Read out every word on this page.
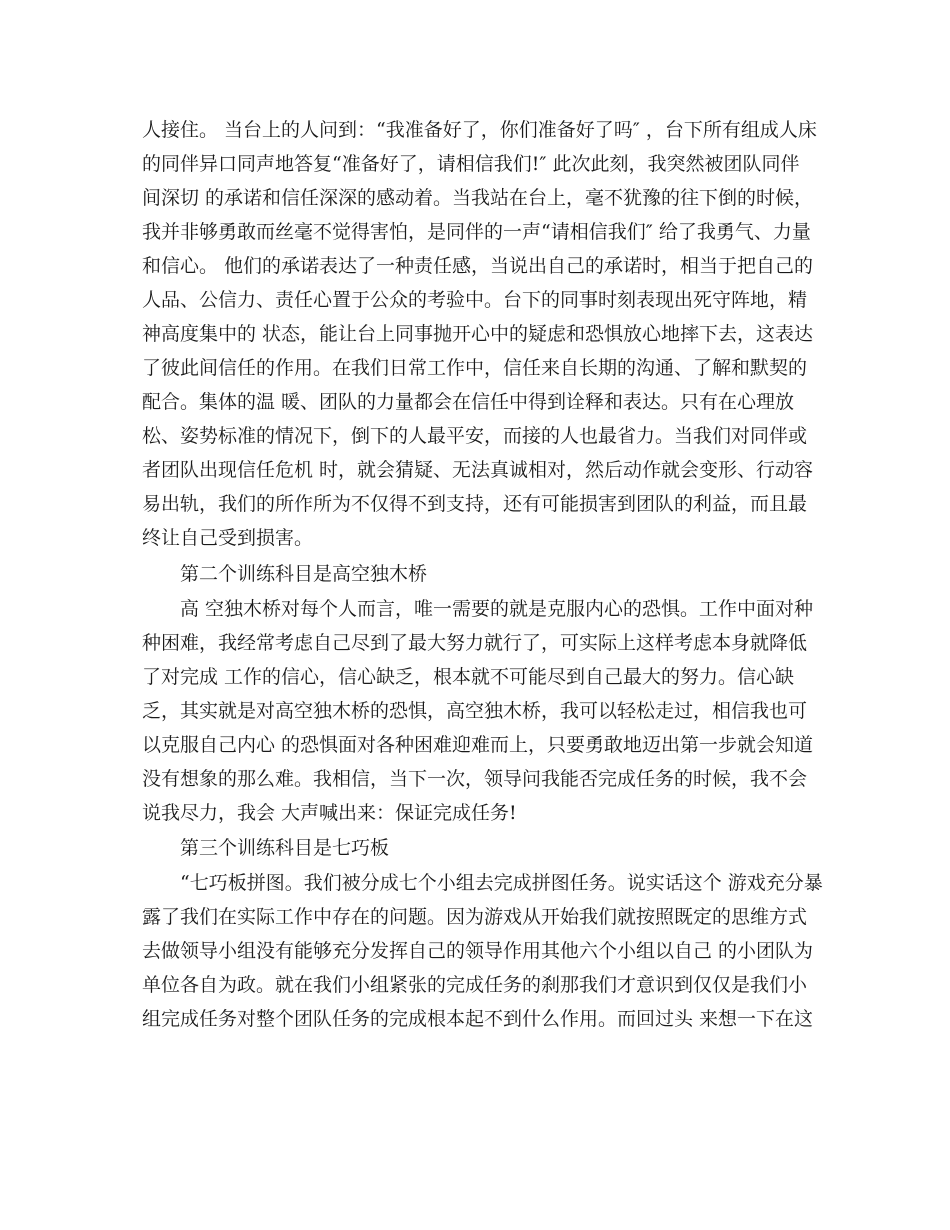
人接住。 当台上的人问到：“我准备好了，你们准备好了吗″ ，台下所有组成人床
的同伴异口同声地答复“准备好了，请相信我们!″ 此次此刻，我突然被团队同伴
间深切 的承诺和信任深深的感动着。当我站在台上，毫不犹豫的往下倒的时候，
我并非够勇敢而丝毫不觉得害怕，是同伴的一声“请相信我们″ 给了我勇气、力量
和信心。 他们的承诺表达了一种责任感，当说出自己的承诺时，相当于把自己的
人品、公信力、责任心置于公众的考验中。台下的同事时刻表现出死守阵地，精
神高度集中的 状态，能让台上同事抛开心中的疑虑和恐惧放心地摔下去，这表达
了彼此间信任的作用。在我们日常工作中，信任来自长期的沟通、了解和默契的
配合。集体的温 暖、团队的力量都会在信任中得到诠释和表达。只有在心理放
松、姿势标准的情况下，倒下的人最平安，而接的人也最省力。当我们对同伴或
者团队出现信任危机 时，就会猜疑、无法真诚相对，然后动作就会变形、行动容
易出轨，我们的所作所为不仅得不到支持，还有可能损害到团队的利益，而且最
终让自己受到损害。
　　第二个训练科目是高空独木桥
　　高 空独木桥对每个人而言，唯一需要的就是克服内心的恐惧。工作中面对种
种困难，我经常考虑自己尽到了最大努力就行了，可实际上这样考虑本身就降低
了对完成 工作的信心，信心缺乏，根本就不可能尽到自己最大的努力。信心缺
乏，其实就是对高空独木桥的恐惧，高空独木桥，我可以轻松走过，相信我也可
以克服自己内心 的恐惧面对各种困难迎难而上，只要勇敢地迈出第一步就会知道
没有想象的那么难。我相信，当下一次，领导问我能否完成任务的时候，我不会
说我尽力，我会 大声喊出来：保证完成任务!
　　第三个训练科目是七巧板
　　“七巧板拼图。我们被分成七个小组去完成拼图任务。说实话这个 游戏充分暴
露了我们在实际工作中存在的问题。因为游戏从开始我们就按照既定的思维方式
去做领导小组没有能够充分发挥自己的领导作用其他六个小组以自己 的小团队为
单位各自为政。就在我们小组紧张的完成任务的刹那我们才意识到仅仅是我们小
组完成任务对整个团队任务的完成根本起不到什么作用。而回过头 来想一下在这
